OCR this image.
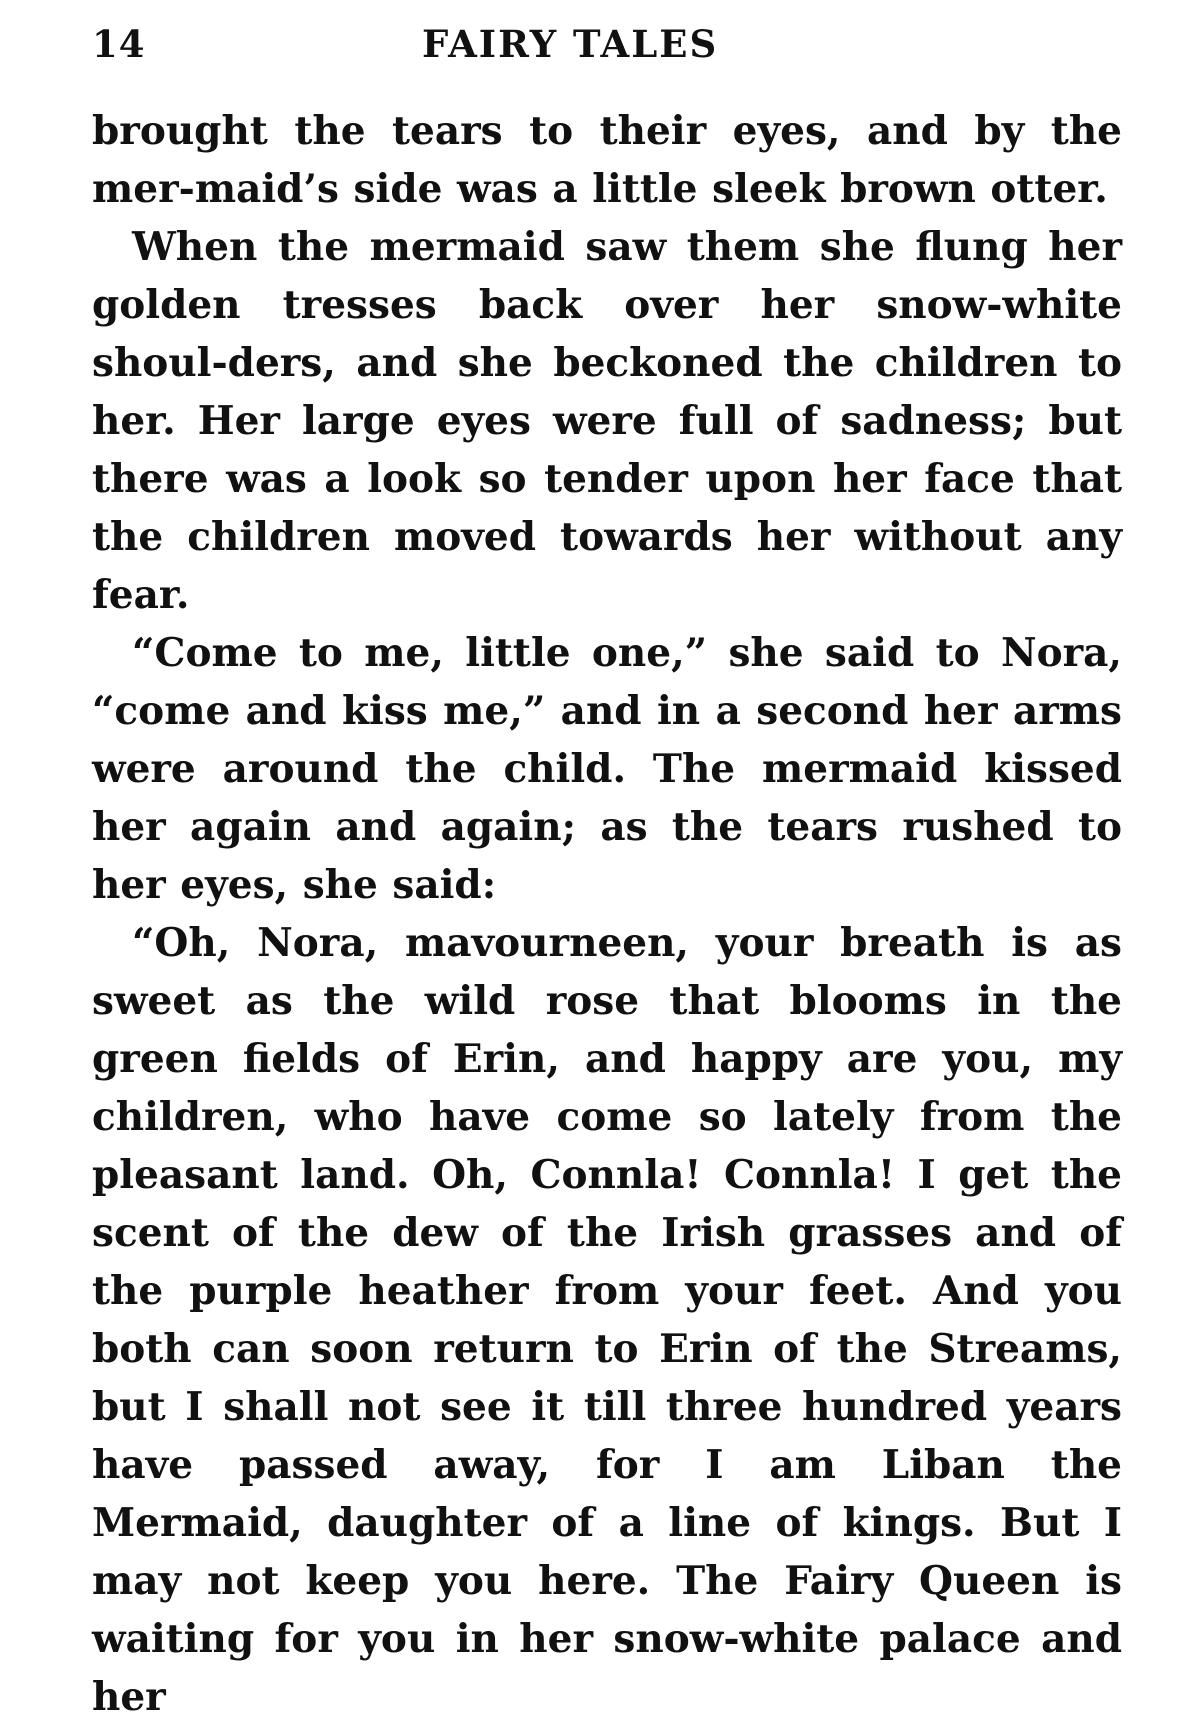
14	FAIRY TALES

brought the tears to their eyes, and by the mer-maid’s side was a little sleek brown otter.

When the mermaid saw them she flung her golden tresses back over her snow-white shoul-ders, and she beckoned the children to her. Her large eyes were full of sadness; but there was a look so tender upon her face that the children moved towards her without any fear.

“Come to me, little one,” she said to Nora, “come and kiss me,” and in a second her arms were around the child. The mermaid kissed her again and again; as the tears rushed to her eyes, she said:

“Oh, Nora, mavourneen, your breath is as sweet as the wild rose that blooms in the green fields of Erin, and happy are you, my children, who have come so lately from the pleasant land. Oh, Connla! Connla! I get the scent of the dew of the Irish grasses and of the purple heather from your feet. And you both can soon return to Erin of the Streams, but I shall not see it till three hundred years have passed away, for I am Liban the Mermaid, daughter of a line of kings. But I may not keep you here. The Fairy Queen is waiting for you in her snow-white palace and her
